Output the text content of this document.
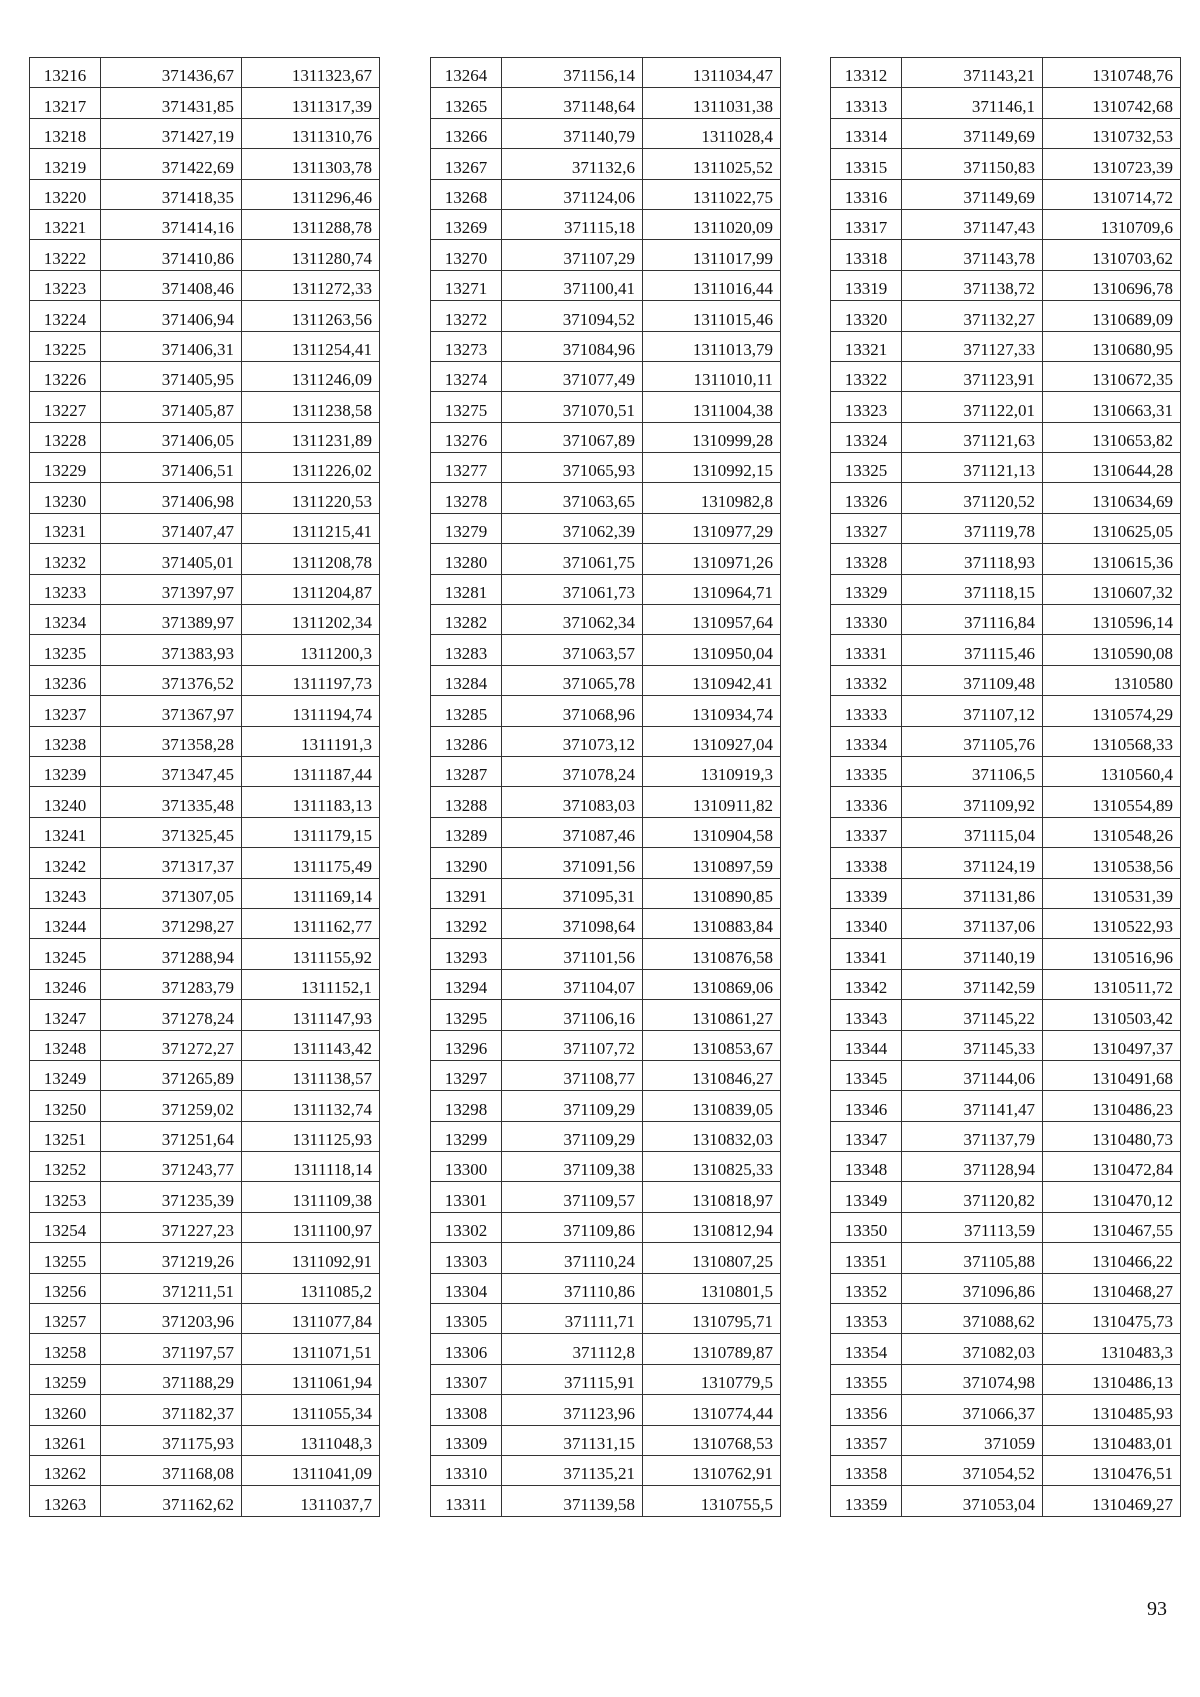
13216	371436,67	1311323,67
13217	371431,85	1311317,39
13218	371427,19	1311310,76
13219	371422,69	1311303,78
13220	371418,35	1311296,46
13221	371414,16	1311288,78
13222	371410,86	1311280,74
13223	371408,46	1311272,33
13224	371406,94	1311263,56
13225	371406,31	1311254,41
13226	371405,95	1311246,09
13227	371405,87	1311238,58
13228	371406,05	1311231,89
13229	371406,51	1311226,02
13230	371406,98	1311220,53
13231	371407,47	1311215,41
13232	371405,01	1311208,78
13233	371397,97	1311204,87
13234	371389,97	1311202,34
13235	371383,93	1311200,3
13236	371376,52	1311197,73
13237	371367,97	1311194,74
13238	371358,28	1311191,3
13239	371347,45	1311187,44
13240	371335,48	1311183,13
13241	371325,45	1311179,15
13242	371317,37	1311175,49
13243	371307,05	1311169,14
13244	371298,27	1311162,77
13245	371288,94	1311155,92
13246	371283,79	1311152,1
13247	371278,24	1311147,93
13248	371272,27	1311143,42
13249	371265,89	1311138,57
13250	371259,02	1311132,74
13251	371251,64	1311125,93
13252	371243,77	1311118,14
13253	371235,39	1311109,38
13254	371227,23	1311100,97
13255	371219,26	1311092,91
13256	371211,51	1311085,2
13257	371203,96	1311077,84
13258	371197,57	1311071,51
13259	371188,29	1311061,94
13260	371182,37	1311055,34
13261	371175,93	1311048,3
13262	371168,08	1311041,09
13263	371162,62	1311037,7
13264	371156,14	1311034,47
13265	371148,64	1311031,38
13266	371140,79	1311028,4
13267	371132,6	1311025,52
13268	371124,06	1311022,75
13269	371115,18	1311020,09
13270	371107,29	1311017,99
13271	371100,41	1311016,44
13272	371094,52	1311015,46
13273	371084,96	1311013,79
13274	371077,49	1311010,11
13275	371070,51	1311004,38
13276	371067,89	1310999,28
13277	371065,93	1310992,15
13278	371063,65	1310982,8
13279	371062,39	1310977,29
13280	371061,75	1310971,26
13281	371061,73	1310964,71
13282	371062,34	1310957,64
13283	371063,57	1310950,04
13284	371065,78	1310942,41
13285	371068,96	1310934,74
13286	371073,12	1310927,04
13287	371078,24	1310919,3
13288	371083,03	1310911,82
13289	371087,46	1310904,58
13290	371091,56	1310897,59
13291	371095,31	1310890,85
13292	371098,64	1310883,84
13293	371101,56	1310876,58
13294	371104,07	1310869,06
13295	371106,16	1310861,27
13296	371107,72	1310853,67
13297	371108,77	1310846,27
13298	371109,29	1310839,05
13299	371109,29	1310832,03
13300	371109,38	1310825,33
13301	371109,57	1310818,97
13302	371109,86	1310812,94
13303	371110,24	1310807,25
13304	371110,86	1310801,5
13305	371111,71	1310795,71
13306	371112,8	1310789,87
13307	371115,91	1310779,5
13308	371123,96	1310774,44
13309	371131,15	1310768,53
13310	371135,21	1310762,91
13311	371139,58	1310755,5
13312	371143,21	1310748,76
13313	371146,1	1310742,68
13314	371149,69	1310732,53
13315	371150,83	1310723,39
13316	371149,69	1310714,72
13317	371147,43	1310709,6
13318	371143,78	1310703,62
13319	371138,72	1310696,78
13320	371132,27	1310689,09
13321	371127,33	1310680,95
13322	371123,91	1310672,35
13323	371122,01	1310663,31
13324	371121,63	1310653,82
13325	371121,13	1310644,28
13326	371120,52	1310634,69
13327	371119,78	1310625,05
13328	371118,93	1310615,36
13329	371118,15	1310607,32
13330	371116,84	1310596,14
13331	371115,46	1310590,08
13332	371109,48	1310580
13333	371107,12	1310574,29
13334	371105,76	1310568,33
13335	371106,5	1310560,4
13336	371109,92	1310554,89
13337	371115,04	1310548,26
13338	371124,19	1310538,56
13339	371131,86	1310531,39
13340	371137,06	1310522,93
13341	371140,19	1310516,96
13342	371142,59	1310511,72
13343	371145,22	1310503,42
13344	371145,33	1310497,37
13345	371144,06	1310491,68
13346	371141,47	1310486,23
13347	371137,79	1310480,73
13348	371128,94	1310472,84
13349	371120,82	1310470,12
13350	371113,59	1310467,55
13351	371105,88	1310466,22
13352	371096,86	1310468,27
13353	371088,62	1310475,73
13354	371082,03	1310483,3
13355	371074,98	1310486,13
13356	371066,37	1310485,93
13357	371059	1310483,01
13358	371054,52	1310476,51
13359	371053,04	1310469,27
93
